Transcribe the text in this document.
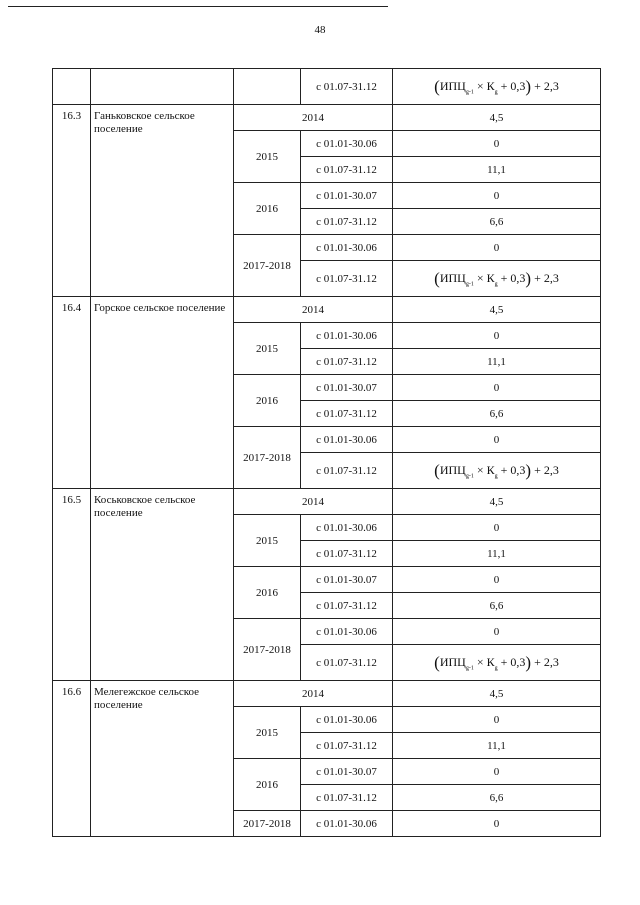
48
			с 01.07-31.12	$(ИПЦ_{g-1} \times К_g + 0,3) + 2,3$
16.3	Ганьковское сельское поселение	2014		4,5
		2015	с 01.01-30.06	0
			с 01.07-31.12	11,1
		2016	с 01.01-30.07	0
			с 01.07-31.12	6,6
		2017-2018	с 01.01-30.06	0
			с 01.07-31.12	$(ИПЦ_{g-1} \times К_g + 0,3) + 2,3$
16.4	Горское сельское поселение	2014		4,5
		2015	с 01.01-30.06	0
			с 01.07-31.12	11,1
		2016	с 01.01-30.07	0
			с 01.07-31.12	6,6
		2017-2018	с 01.01-30.06	0
			с 01.07-31.12	$(ИПЦ_{g-1} \times К_g + 0,3) + 2,3$
16.5	Коськовское сельское поселение	2014		4,5
		2015	с 01.01-30.06	0
			с 01.07-31.12	11,1
		2016	с 01.01-30.07	0
			с 01.07-31.12	6,6
		2017-2018	с 01.01-30.06	0
			с 01.07-31.12	$(ИПЦ_{g-1} \times К_g + 0,3) + 2,3$
16.6	Мелегежское сельское поселение	2014		4,5
		2015	с 01.01-30.06	0
			с 01.07-31.12	11,1
		2016	с 01.01-30.07	0
			с 01.07-31.12	6,6
		2017-2018	с 01.01-30.06	0
